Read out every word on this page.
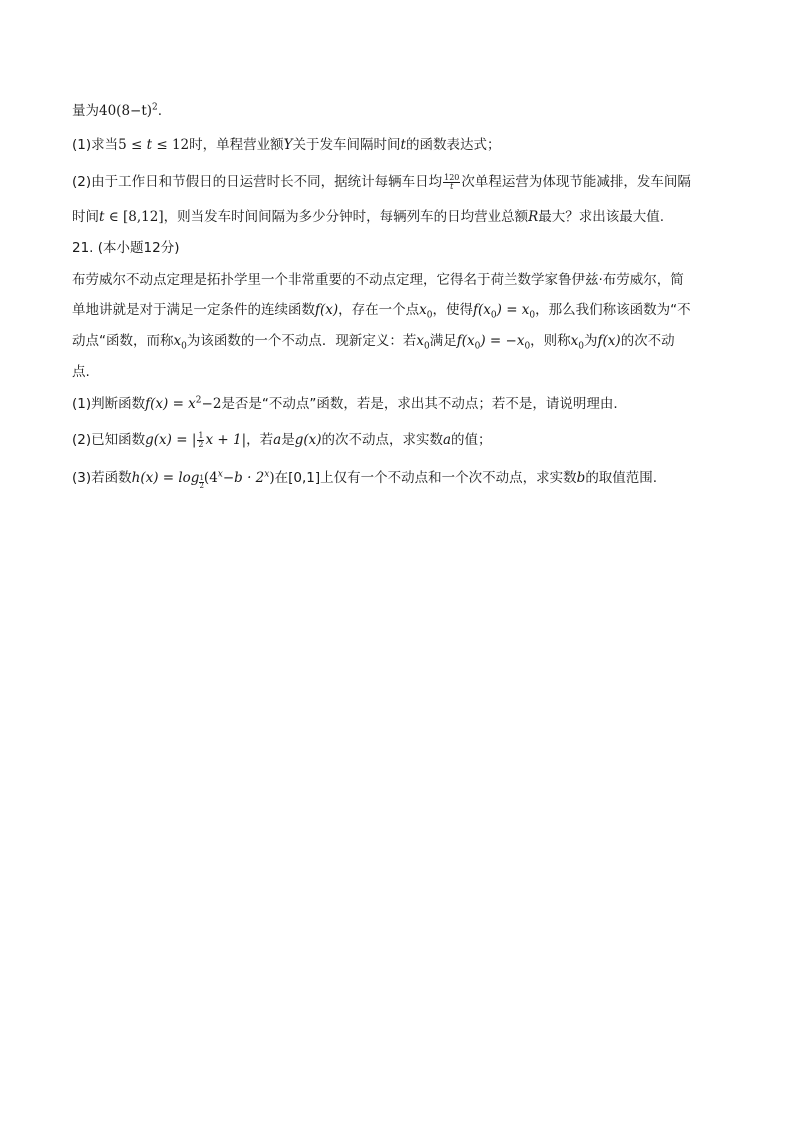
量为$40(8-t)^2$.
(1)求当5 ≤ t ≤ 12时，单程营业额Y关于发车间隔时间t的函数表达式；
(2)由于工作日和节假日的日运营时长不同，据统计每辆车日均 $\frac{120}{t}$ 次单程运营为体现节能减排，发车间隔
时间t ∈ [8,12]，则当发车时间间隔为多少分钟时，每辆列车的日均营业总额R最大？求出该最大值.
21. (本小题12分)
布劳威尔不动点定理是拓扑学里一个非常重要的不动点定理，它得名于荷兰数学家鲁伊兹·布劳威尔，简
单地讲就是对于满足一定条件的连续函数f(x)，存在一个点$x_0$，使得$f(x_0) = x_0$，那么我们称该函数为“不
动点“函数，而称$x_0$为该函数的一个不动点．现新定义：若$x_0$满足$f(x_0) = -x_0$，则称$x_0$为f(x)的次不动
点.
(1)判断函数$f(x) = x^2-2$是否是“不动点”函数，若是，求出其不动点；若不是，请说明理由.
(2)已知函数g(x) = | $\frac{1}{2}$ x + 1|，若a是g(x)的次不动点，求实数a的值；
(3)若函数$h(x) = \log \frac{1}{2} (4^x-b \cdot 2^x)$在[0,1]上仅有一个不动点和一个次不动点，求实数b的取值范围.
